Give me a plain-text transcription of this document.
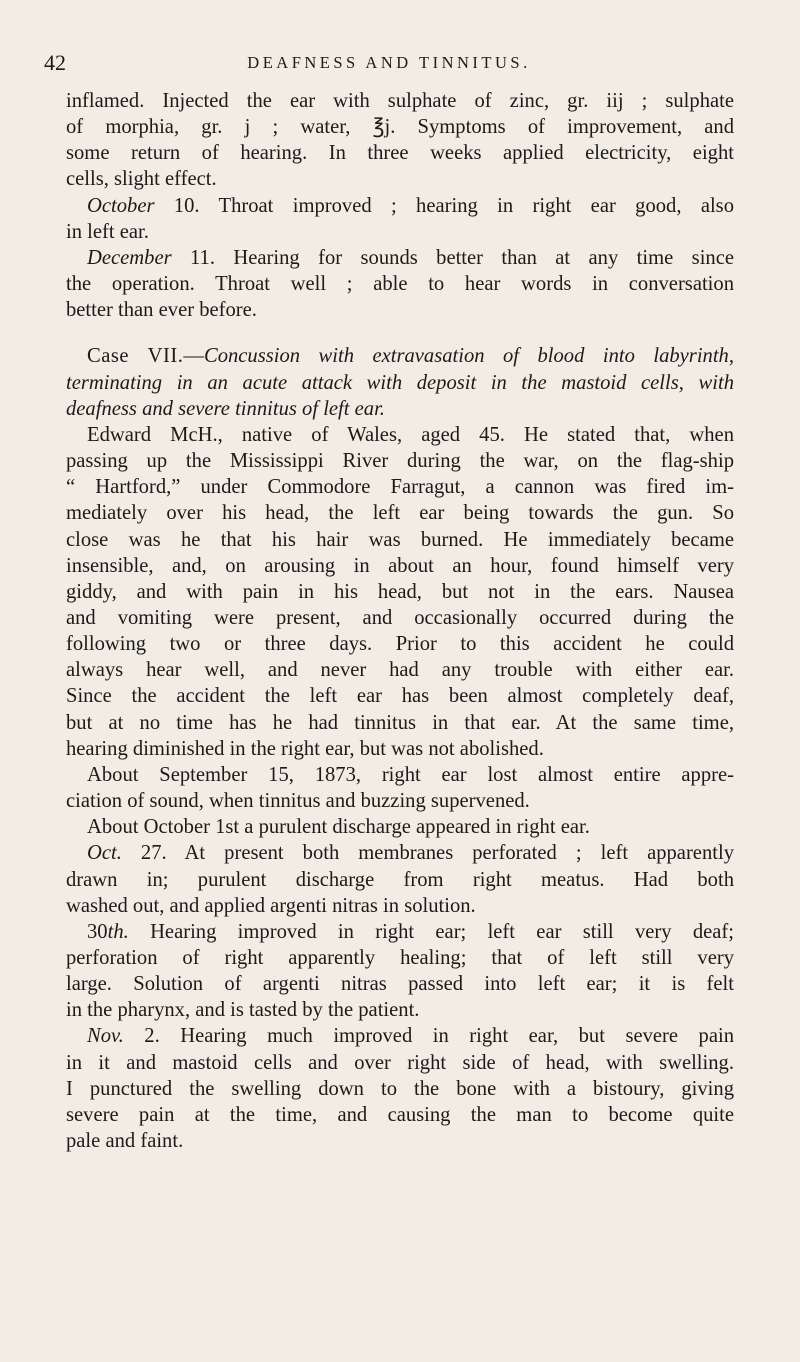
42	DEAFNESS AND TINNITUS.
inflamed. Injected the ear with sulphate of zinc, gr. iij ; sulphate
of morphia, gr. j ; water, ℥j. Symptoms of improvement, and
some return of hearing. In three weeks applied electricity, eight
cells, slight effect.
October 10. Throat improved ; hearing in right ear good, also
in left ear.
December 11. Hearing for sounds better than at any time since
the operation. Throat well ; able to hear words in conversation
better than ever before.
Case VII.—Concussion with extravasation of blood into labyrinth,
terminating in an acute attack with deposit in the mastoid cells, with
deafness and severe tinnitus of left ear.
Edward McH., native of Wales, aged 45. He stated that, when
passing up the Mississippi River during the war, on the flag-ship
“ Hartford,” under Commodore Farragut, a cannon was fired im-
mediately over his head, the left ear being towards the gun. So
close was he that his hair was burned. He immediately became
insensible, and, on arousing in about an hour, found himself very
giddy, and with pain in his head, but not in the ears. Nausea
and vomiting were present, and occasionally occurred during the
following two or three days. Prior to this accident he could
always hear well, and never had any trouble with either ear.
Since the accident the left ear has been almost completely deaf,
but at no time has he had tinnitus in that ear. At the same time,
hearing diminished in the right ear, but was not abolished.
About September 15, 1873, right ear lost almost entire appre-
ciation of sound, when tinnitus and buzzing supervened.
About October 1st a purulent discharge appeared in right ear.
Oct. 27. At present both membranes perforated ; left apparently
drawn in; purulent discharge from right meatus. Had both
washed out, and applied argenti nitras in solution.
30th. Hearing improved in right ear; left ear still very deaf;
perforation of right apparently healing; that of left still very
large. Solution of argenti nitras passed into left ear; it is felt
in the pharynx, and is tasted by the patient.
Nov. 2. Hearing much improved in right ear, but severe pain
in it and mastoid cells and over right side of head, with swelling.
I punctured the swelling down to the bone with a bistoury, giving
severe pain at the time, and causing the man to become quite
pale and faint.
